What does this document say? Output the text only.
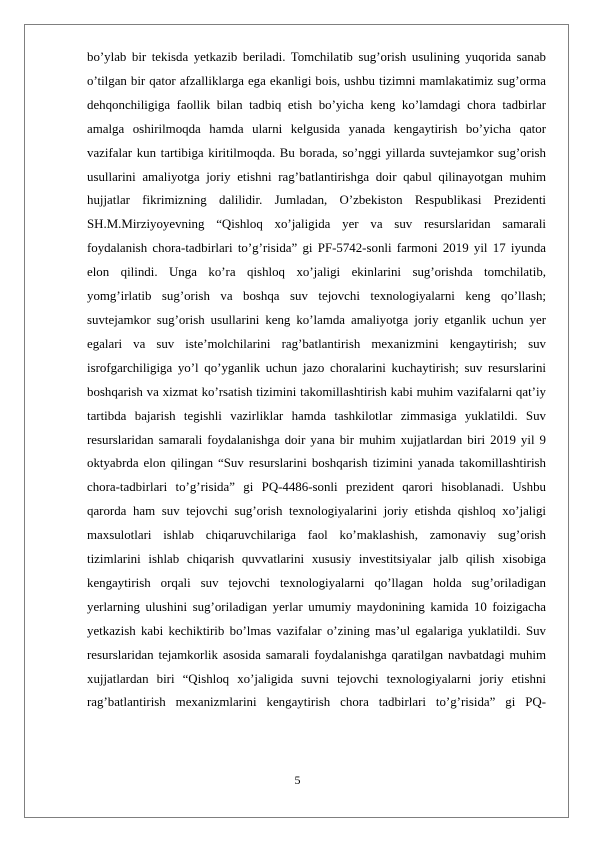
bo’ylab bir tekisda yetkazib beriladi. Tomchilatib sug’orish usulining yuqorida sanab o’tilgan bir qator afzalliklarga ega ekanligi bois, ushbu tizimni mamlakatimiz sug’orma dehqonchiligiga faollik bilan tadbiq etish bo’yicha keng ko’lamdagi chora tadbirlar amalga oshirilmoqda hamda ularni kelgusida yanada kengaytirish bo’yicha qator vazifalar kun tartibiga kiritilmoqda. Bu borada, so’nggi yillarda suvtejamkor sug’orish usullarini amaliyotga joriy etishni rag’batlantirishga doir qabul qilinayotgan muhim hujjatlar fikrimizning dalilidir. Jumladan, O’zbekiston Respublikasi Prezidenti SH.M.Mirziyoyevning “Qishloq xo’jaligida yer va suv resurslaridan samarali foydalanish chora-tadbirlari to’g’risida” gi PF-5742-sonli farmoni 2019 yil 17 iyunda elon qilindi. Unga ko’ra qishloq xo’jaligi ekinlarini sug’orishda tomchilatib, yomg’irlatib sug’orish va boshqa suv tejovchi texnologiyalarni keng qo’llash; suvtejamkor sug’orish usullarini keng ko’lamda amaliyotga joriy etganlik uchun yer egalari va suv iste’molchilarini rag’batlantirish mexanizmini kengaytirish; suv isrofgarchiligiga yo’l qo’yganlik uchun jazo choralarini kuchaytirish; suv resurslarini boshqarish va xizmat ko’rsatish tizimini takomillashtirish kabi muhim vazifalarni qat’iy tartibda bajarish tegishli vazirliklar hamda tashkilotlar zimmasiga yuklatildi. Suv resurslaridan samarali foydalanishga doir yana bir muhim xujjatlardan biri 2019 yil 9 oktyabrda elon qilingan “Suv resurslarini boshqarish tizimini yanada takomillashtirish chora-tadbirlari to’g’risida” gi PQ-4486-sonli prezident qarori hisoblanadi. Ushbu qarorda ham suv tejovchi sug’orish texnologiyalarini joriy etishda qishloq xo’jaligi maxsulotlari ishlab chiqaruvchilariga faol ko’maklashish, zamonaviy sug’orish tizimlarini ishlab chiqarish quvvatlarini xususiy investitsiyalar jalb qilish xisobiga kengaytirish orqali suv tejovchi texnologiyalarni qo’llagan holda sug’oriladigan yerlarning ulushini sug’oriladigan yerlar umumiy maydonining kamida 10 foizigacha yetkazish kabi kechiktirib bo’lmas vazifalar o’zining mas’ul egalariga yuklatildi. Suv resurslaridan tejamkorlik asosida samarali foydalanishga qaratilgan navbatdagi muhim xujjatlardan biri “Qishloq xo’jaligida suvni tejovchi texnologiyalarni joriy etishni rag’batlantirish mexanizmlarini kengaytirish chora tadbirlari to’g’risida” gi PQ-

5
